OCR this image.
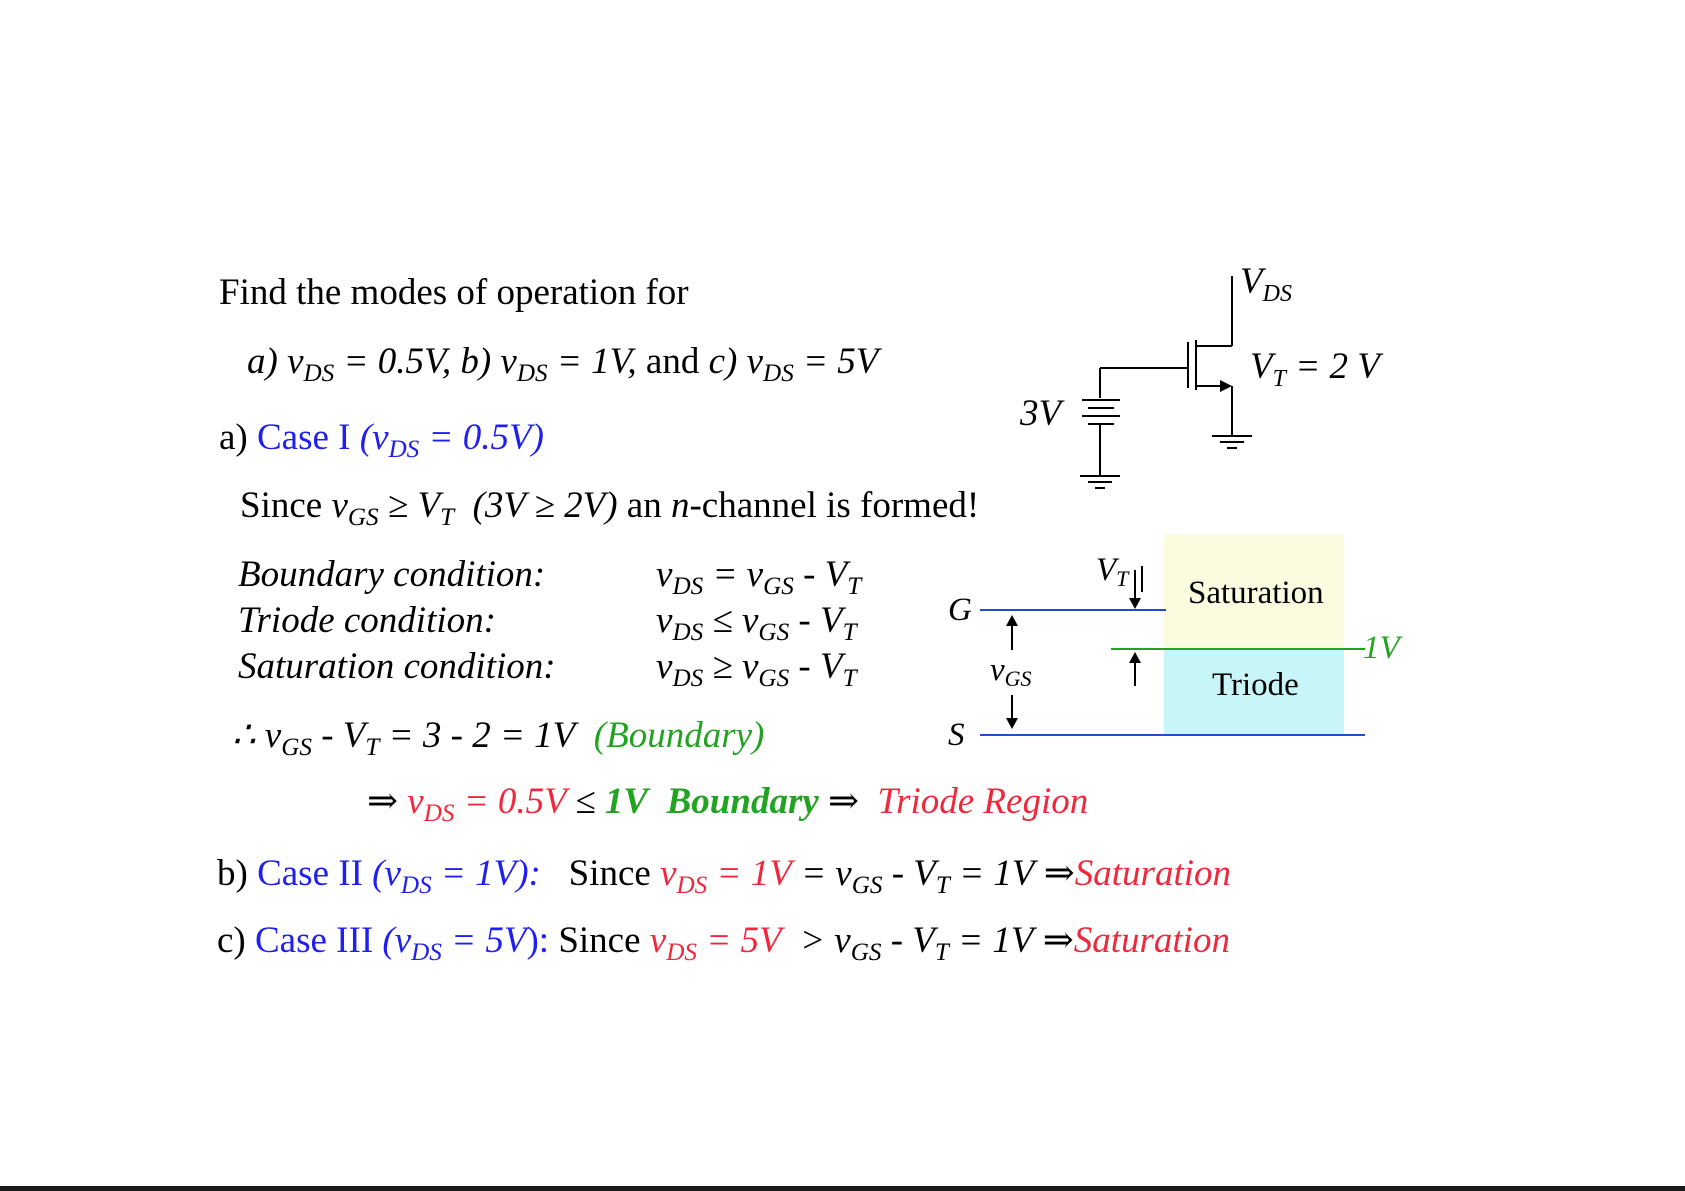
Find the modes of operation for
a) $v_{DS} = 0.5V$, b) $v_{DS} = 1V$, and c) $v_{DS} = 5V$
a) Case I $(v_{DS} = 0.5V)$
Since $v_{GS} \ge V_T$ (3V ≥ 2V) an n-channel is formed!
Boundary condition:	$v_{DS} = v_{GS} - V_T$
Triode condition:	$v_{DS} \le v_{GS} - V_T$
Saturation condition:	$v_{DS} \ge v_{GS} - V_T$
∴ $v_{GS} - V_T = 3 - 2 = 1V$  (Boundary)
⇒ $v_{DS} = 0.5V \le 1V$ Boundary ⇒ Triode Region
b) Case II $(v_{DS} = 1V)$: Since $v_{DS} = 1V = v_{GS} - V_T = 1V$ ⇒Saturation
c) Case III $(v_{DS} = 5V)$: Since $v_{DS} = 5V > v_{GS} - V_T = 1V$ ⇒Saturation
$V_{DS}$
$V_T = 2$ V
3V
G
S
vGS
VT Saturation
Triode
1V
